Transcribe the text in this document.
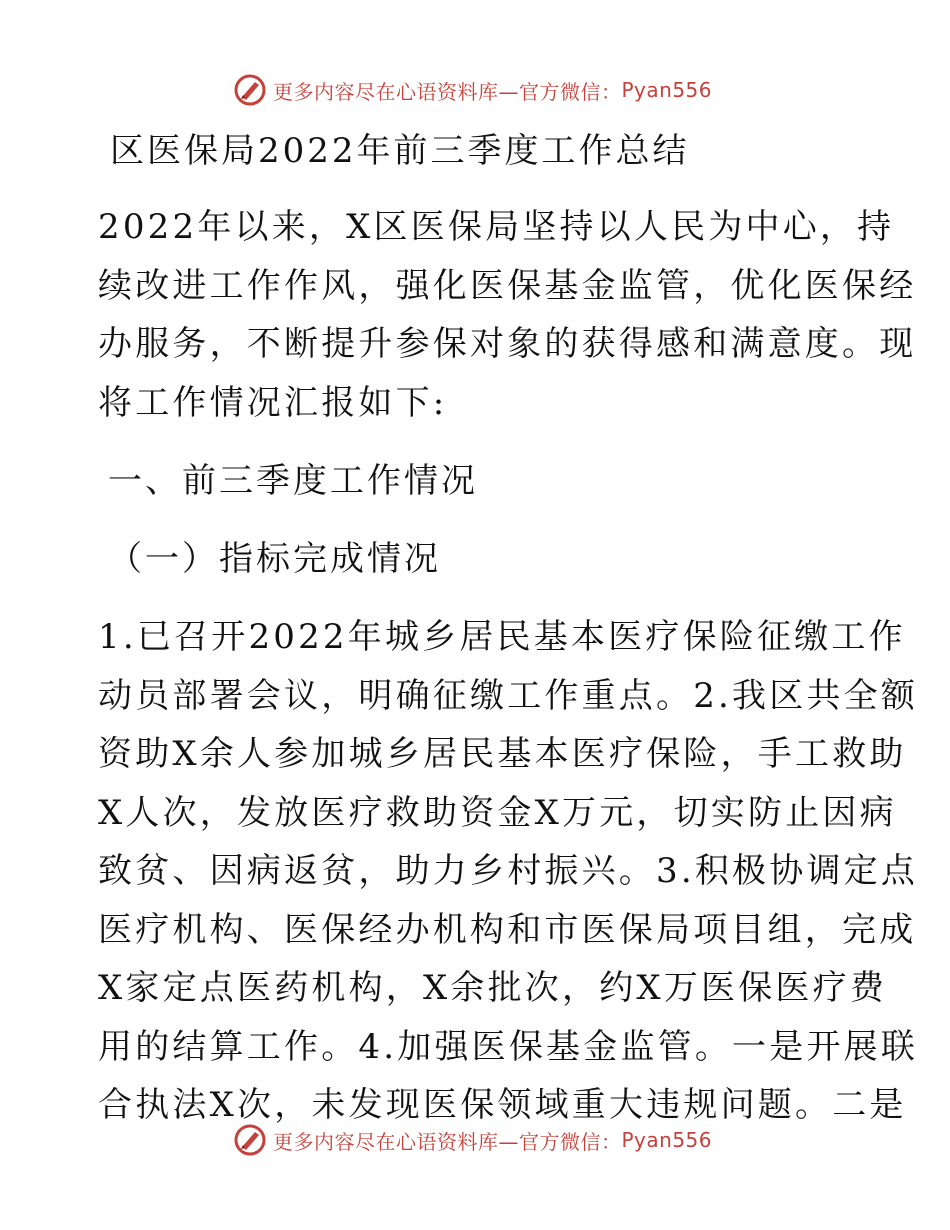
更多内容尽在心语资料库—官方微信： Pyan556
区医保局2022年前三季度工作总结
2022年以来，X区医保局坚持以人民为中心，持
续改进工作作风，强化医保基金监管，优化医保经
办服务，不断提升参保对象的获得感和满意度。现
将工作情况汇报如下:
一、前三季度工作情况
（一）指标完成情况
1.已召开2022年城乡居民基本医疗保险征缴工作
动员部署会议，明确征缴工作重点。2.我区共全额
资助X余人参加城乡居民基本医疗保险，手工救助
X人次，发放医疗救助资金X万元，切实防止因病
致贫、因病返贫，助力乡村振兴。3.积极协调定点
医疗机构、医保经办机构和市医保局项目组，完成
X家定点医药机构，X余批次，约X万医保医疗费
用的结算工作。4.加强医保基金监管。一是开展联
合执法X次，未发现医保领域重大违规问题。二是
更多内容尽在心语资料库—官方微信： Pyan556
